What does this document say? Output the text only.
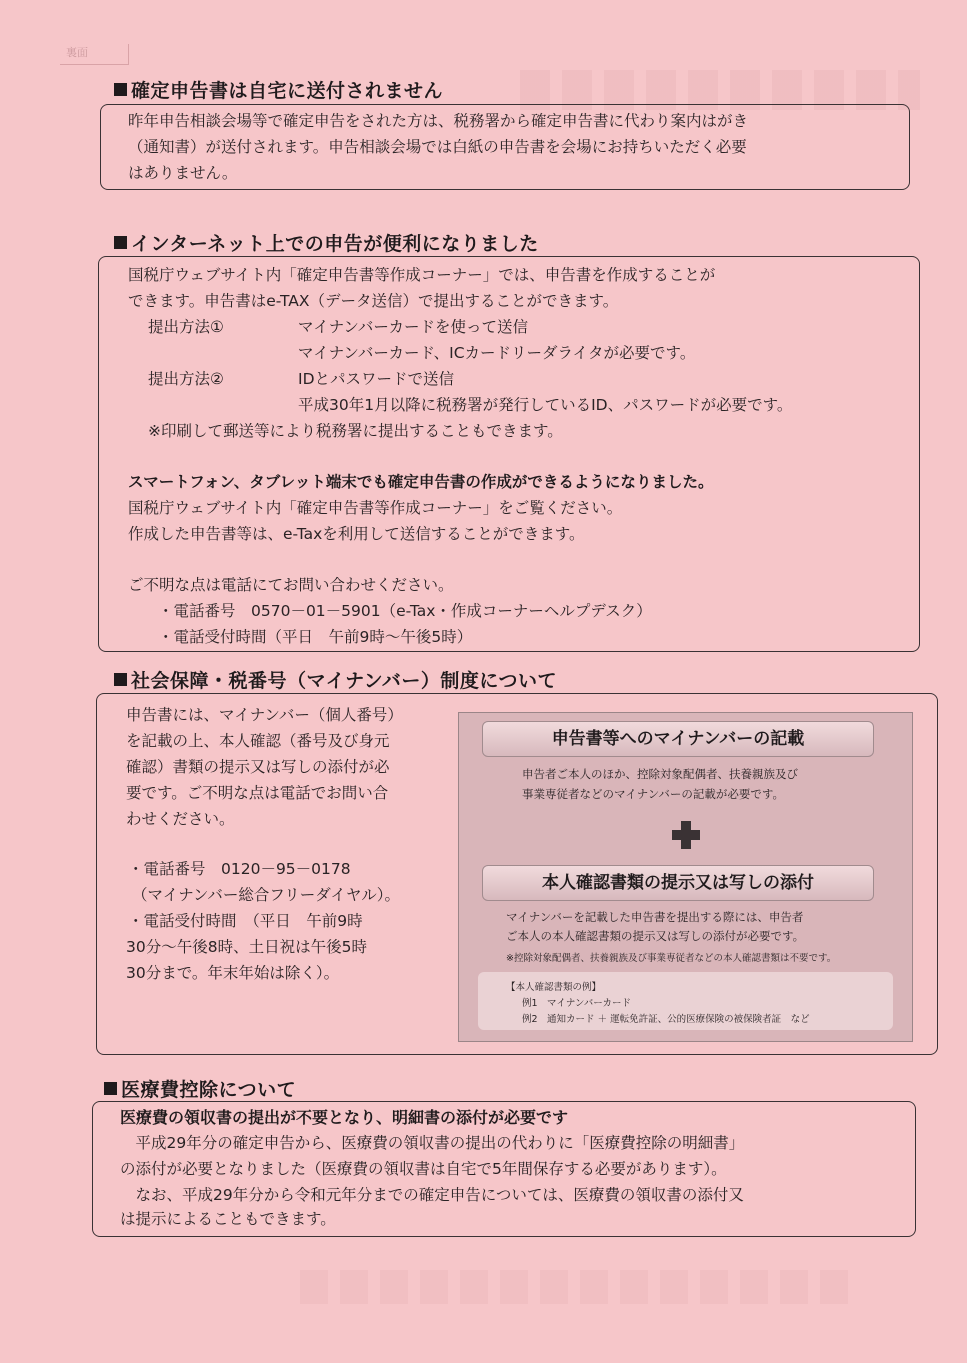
裏面
確定申告書は自宅に送付されません
昨年申告相談会場等で確定申告をされた方は、税務署から確定申告書に代わり案内はがき
（通知書）が送付されます。申告相談会場では白紙の申告書を会場にお持ちいただく必要
はありません。
インターネット上での申告が便利になりました
国税庁ウェブサイト内「確定申告書等作成コーナー」では、申告書を作成することが
できます。申告書はe-TAX（データ送信）で提出することができます。
提出方法①	マイナンバーカードを使って送信
マイナンバーカード、ICカードリーダライタが必要です。
提出方法②	IDとパスワードで送信
平成30年1月以降に税務署が発行しているID、パスワードが必要です。
※印刷して郵送等により税務署に提出することもできます。
スマートフォン、タブレット端末でも確定申告書の作成ができるようになりました。
国税庁ウェブサイト内「確定申告書等作成コーナー」をご覧ください。
作成した申告書等は、e-Taxを利用して送信することができます。
ご不明な点は電話にてお問い合わせください。
・電話番号　0570－01－5901（e-Tax・作成コーナーヘルプデスク）
・電話受付時間（平日　午前9時～午後5時）
社会保障・税番号（マイナンバー）制度について
申告書には、マイナンバー（個人番号）
を記載の上、本人確認（番号及び身元
確認）書類の提示又は写しの添付が必
要です。ご不明な点は電話でお問い合
わせください。
・電話番号　0120－95－0178
（マイナンバー総合フリーダイヤル）。
・電話受付時間　（平日　午前9時
30分～午後8時、土日祝は午後5時
30分まで。年末年始は除く）。
申告書等へのマイナンバーの記載
申告者ご本人のほか、控除対象配偶者、扶養親族及び
事業専従者などのマイナンバーの記載が必要です。
本人確認書類の提示又は写しの添付
マイナンバーを記載した申告書を提出する際には、申告者
ご本人の本人確認書類の提示又は写しの添付が必要です。
※控除対象配偶者、扶養親族及び事業専従者などの本人確認書類は不要です。
【本人確認書類の例】
例1　マイナンバーカード
例2　通知カード ＋ 運転免許証、公的医療保険の被保険者証　など
医療費控除について
医療費の領収書の提出が不要となり、明細書の添付が必要です
　平成29年分の確定申告から、医療費の領収書の提出の代わりに「医療費控除の明細書」
の添付が必要となりました（医療費の領収書は自宅で5年間保存する必要があります）。
　なお、平成29年分から令和元年分までの確定申告については、医療費の領収書の添付又
は提示によることもできます。
